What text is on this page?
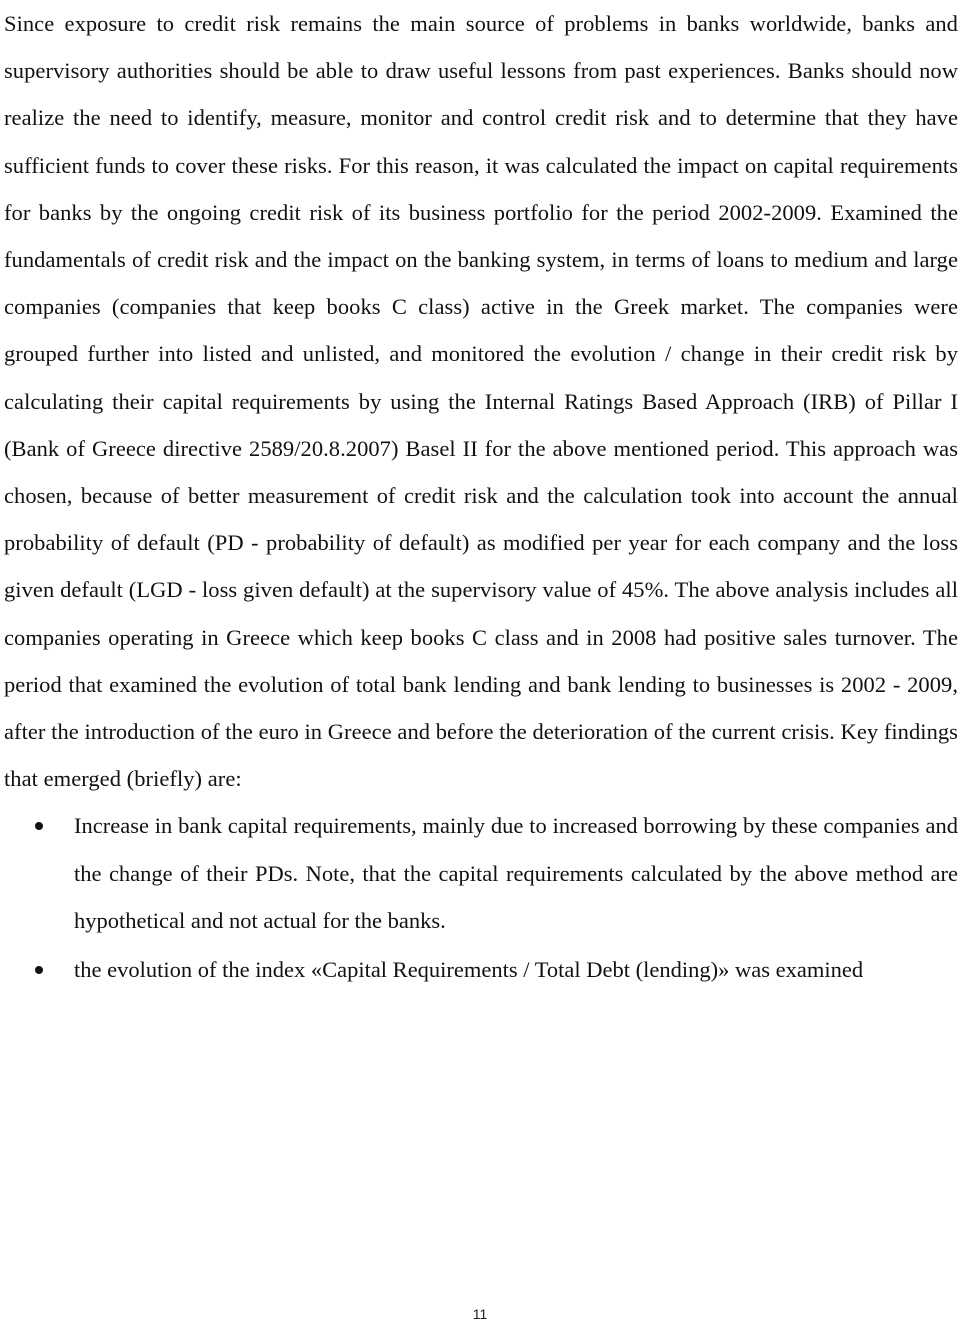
Since exposure to credit risk remains the main source of problems in banks worldwide, banks and supervisory authorities should be able to draw useful lessons from past experiences. Banks should now realize the need to identify, measure, monitor and control credit risk and to determine that they have sufficient funds to cover these risks. For this reason, it was calculated the impact on capital requirements for banks by the ongoing credit risk of its business portfolio for the period 2002-2009. Examined the fundamentals of credit risk and the impact on the banking system, in terms of loans to medium and large companies (companies that keep books C class) active in the Greek market. The companies were grouped further into listed and unlisted, and monitored the evolution / change in their credit risk by calculating their capital requirements by using the Internal Ratings Based Approach (IRB) of Pillar I (Bank of Greece directive 2589/20.8.2007) Basel II for the above mentioned period. This approach was chosen, because of better measurement of credit risk and the calculation took into account the annual probability of default (PD - probability of default) as modified per year for each company and the loss given default (LGD - loss given default) at the supervisory value of 45%. The above analysis includes all companies operating in Greece which keep books C class and in 2008 had positive sales turnover. The period that examined the evolution of total bank lending and bank lending to businesses is 2002 - 2009, after the introduction of the euro in Greece and before the deterioration of the current crisis. Key findings that emerged (briefly) are:

Increase in bank capital requirements, mainly due to increased borrowing by these companies and the change of their PDs. Note, that the capital requirements calculated by the above method are hypothetical and not actual for the banks.
the evolution of the index «Capital Requirements / Total Debt (lending)» was examined
11
